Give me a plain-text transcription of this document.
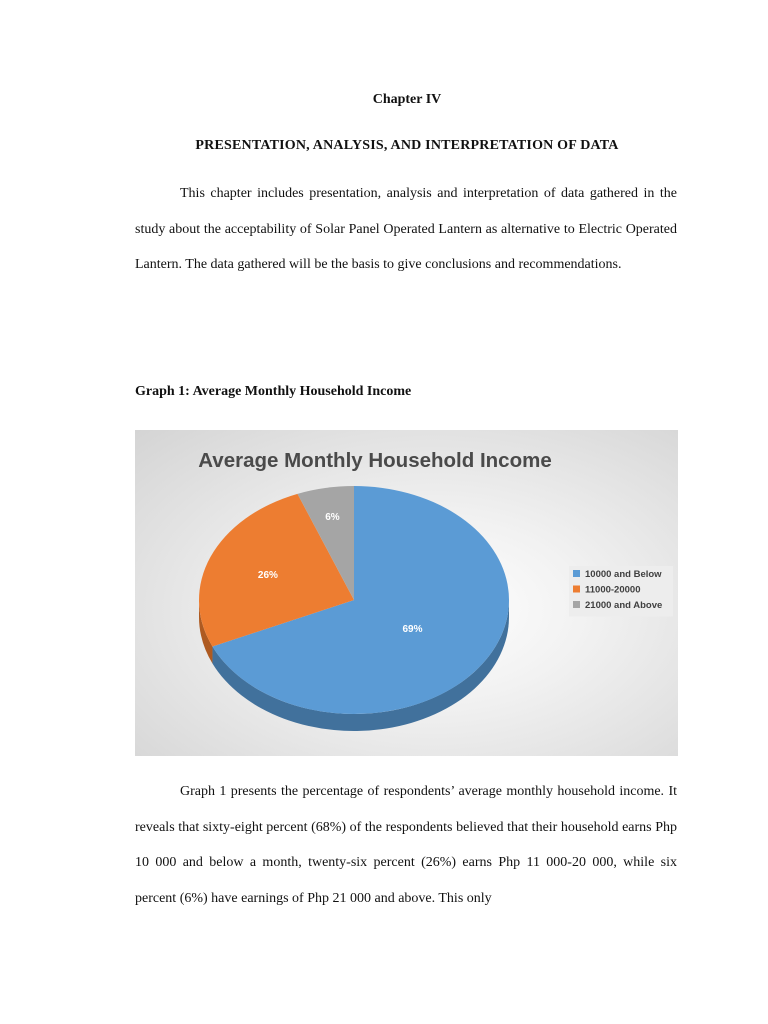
Chapter IV
PRESENTATION, ANALYSIS, AND INTERPRETATION OF DATA

This chapter includes presentation, analysis and interpretation of data gathered in the study about the acceptability of Solar Panel Operated Lantern as alternative to Electric Operated Lantern. The data gathered will be the basis to give conclusions and recommendations.

Graph 1: Average Monthly Household Income
Average Monthly Household Income
69%
26%
6%
10000 and Below
11000-20000
21000 and Above

Graph 1 presents the percentage of respondents’ average monthly household income. It reveals that sixty-eight percent (68%) of the respondents believed that their household earns Php 10 000 and below a month, twenty-six percent (26%) earns Php 11 000-20 000, while six percent (6%) have earnings of Php 21 000 and above. This only
